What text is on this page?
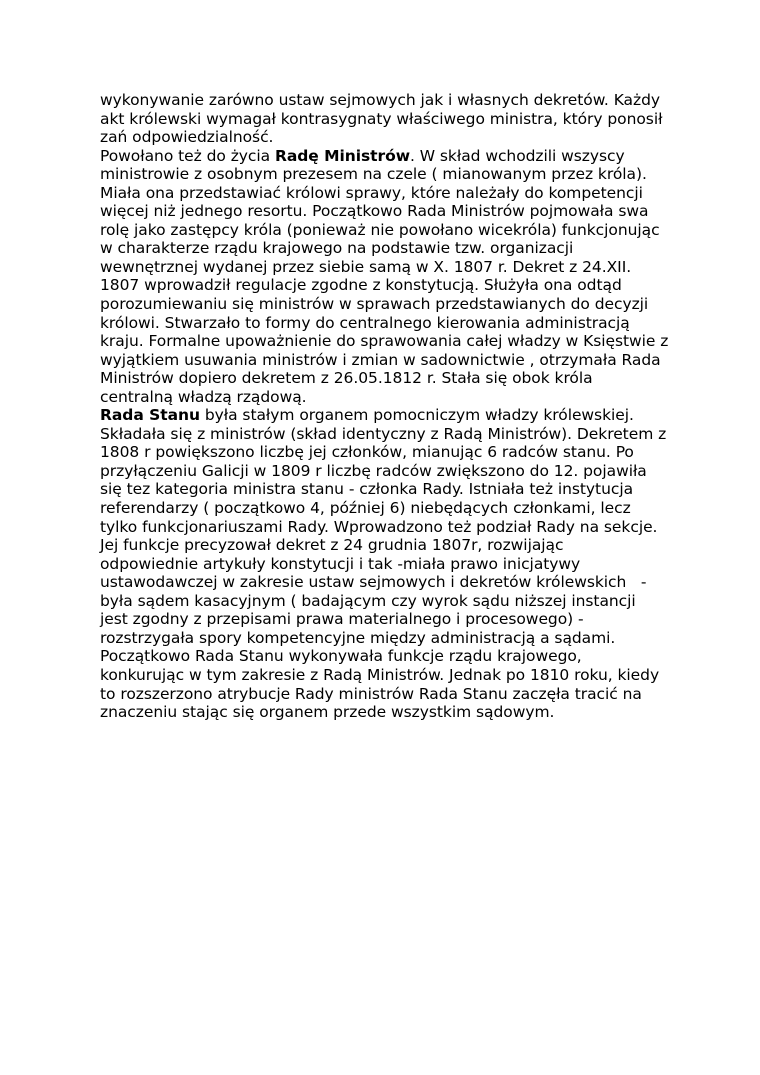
wykonywanie zarówno ustaw sejmowych jak i własnych dekretów. Każdy
akt królewski wymagał kontrasygnaty właściwego ministra, który ponosił
zań odpowiedzialność.
Powołano też do życia Radę Ministrów. W skład wchodzili wszyscy
ministrowie z osobnym prezesem na czele ( mianowanym przez króla).
Miała ona przedstawiać królowi sprawy, które należały do kompetencji
więcej niż jednego resortu. Początkowo Rada Ministrów pojmowała swa
rolę jako zastępcy króla (ponieważ nie powołano wicekróla) funkcjonując
w charakterze rządu krajowego na podstawie tzw. organizacji
wewnętrznej wydanej przez siebie samą w X. 1807 r. Dekret z 24.XII.
1807 wprowadził regulacje zgodne z konstytucją. Służyła ona odtąd
porozumiewaniu się ministrów w sprawach przedstawianych do decyzji
królowi. Stwarzało to formy do centralnego kierowania administracją
kraju. Formalne upoważnienie do sprawowania całej władzy w Księstwie z
wyjątkiem usuwania ministrów i zmian w sadownictwie , otrzymała Rada
Ministrów dopiero dekretem z 26.05.1812 r. Stała się obok króla
centralną władzą rządową.
Rada Stanu była stałym organem pomocniczym władzy królewskiej.
Składała się z ministrów (skład identyczny z Radą Ministrów). Dekretem z
1808 r powiększono liczbę jej członków, mianując 6 radców stanu. Po
przyłączeniu Galicji w 1809 r liczbę radców zwiększono do 12. pojawiła
się tez kategoria ministra stanu - członka Rady. Istniała też instytucja
referendarzy ( początkowo 4, później 6) niebędących członkami, lecz
tylko funkcjonariuszami Rady. Wprowadzono też podział Rady na sekcje.
Jej funkcje precyzował dekret z 24 grudnia 1807r, rozwijając
odpowiednie artykuły konstytucji i tak -miała prawo inicjatywy
ustawodawczej w zakresie ustaw sejmowych i dekretów królewskich   -
była sądem kasacyjnym ( badającym czy wyrok sądu niższej instancji
jest zgodny z przepisami prawa materialnego i procesowego) -
rozstrzygała spory kompetencyjne między administracją a sądami.
Początkowo Rada Stanu wykonywała funkcje rządu krajowego,
konkurując w tym zakresie z Radą Ministrów. Jednak po 1810 roku, kiedy
to rozszerzono atrybucje Rady ministrów Rada Stanu zaczęła tracić na
znaczeniu stając się organem przede wszystkim sądowym.
